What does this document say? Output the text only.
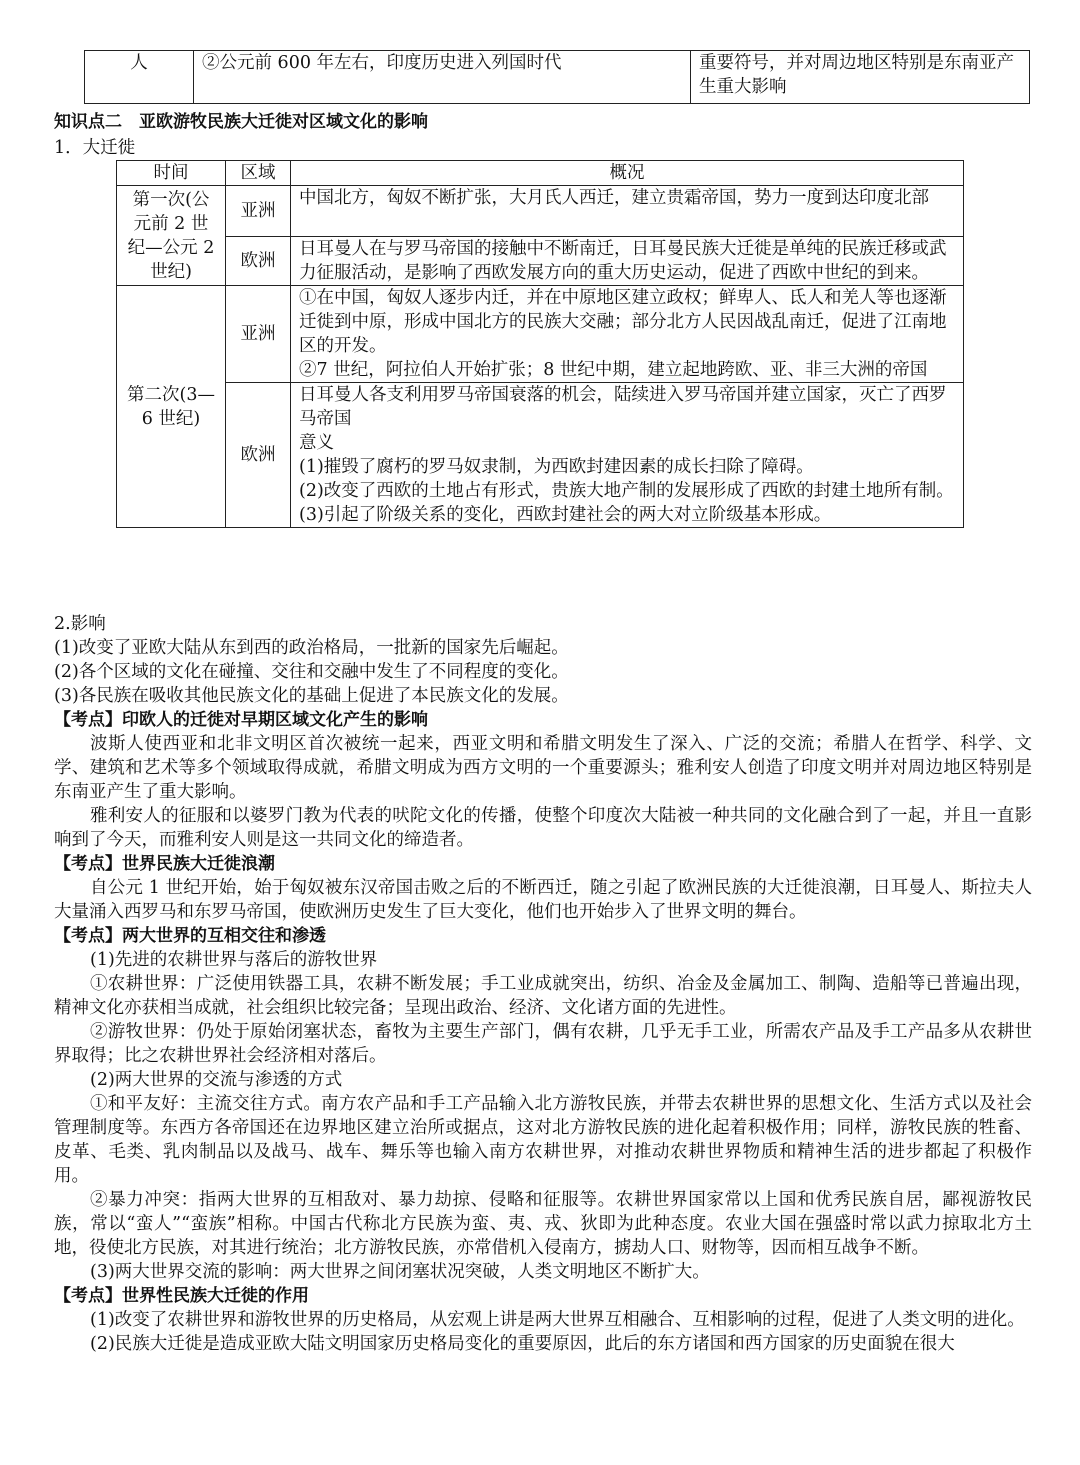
人	②公元前 600 年左右，印度历史进入列国时代	重要符号，并对周边地区特别是东南亚产生重大影响
知识点二　亚欧游牧民族大迁徙对区域文化的影响
1．大迁徙
时间	区域	概况
第一次(公元前 2 世纪—公元 2 世纪)	亚洲	中国北方，匈奴不断扩张，大月氏人西迁，建立贵霜帝国，势力一度到达印度北部
	欧洲	日耳曼人在与罗马帝国的接触中不断南迁，日耳曼民族大迁徙是单纯的民族迁移或武力征服活动，是影响了西欧发展方向的重大历史运动，促进了西欧中世纪的到来。
第二次(3—6 世纪)	亚洲	①在中国，匈奴人逐步内迁，并在中原地区建立政权；鲜卑人、氐人和羌人等也逐渐迁徙到中原，形成中国北方的民族大交融；部分北方人民因战乱南迁，促进了江南地区的开发。
②7 世纪，阿拉伯人开始扩张；8 世纪中期，建立起地跨欧、亚、非三大洲的帝国

	欧洲	日耳曼人各支利用罗马帝国衰落的机会，陆续进入罗马帝国并建立国家，灭亡了西罗马帝国
意义
(1)摧毁了腐朽的罗马奴隶制，为西欧封建因素的成长扫除了障碍。
(2)改变了西欧的土地占有形式，贵族大地产制的发展形成了西欧的封建土地所有制。
(3)引起了阶级关系的变化，西欧封建社会的两大对立阶级基本形成。

2.影响

(1)改变了亚欧大陆从东到西的政治格局，一批新的国家先后崛起。

(2)各个区域的文化在碰撞、交往和交融中发生了不同程度的变化。

(3)各民族在吸收其他民族文化的基础上促进了本民族文化的发展。

【考点】印欧人的迁徙对早期区域文化产生的影响

波斯人使西亚和北非文明区首次被统一起来，西亚文明和希腊文明发生了深入、广泛的交流；希腊人在哲学、科学、文学、建筑和艺术等多个领域取得成就，希腊文明成为西方文明的一个重要源头；雅利安人创造了印度文明并对周边地区特别是东南亚产生了重大影响。

雅利安人的征服和以婆罗门教为代表的吠陀文化的传播，使整个印度次大陆被一种共同的文化融合到了一起，并且一直影响到了今天，而雅利安人则是这一共同文化的缔造者。

【考点】世界民族大迁徙浪潮

自公元 1 世纪开始，始于匈奴被东汉帝国击败之后的不断西迁，随之引起了欧洲民族的大迁徙浪潮，日耳曼人、斯拉夫人大量涌入西罗马和东罗马帝国，使欧洲历史发生了巨大变化，他们也开始步入了世界文明的舞台。

【考点】两大世界的互相交往和渗透

(1)先进的农耕世界与落后的游牧世界

①农耕世界：广泛使用铁器工具，农耕不断发展；手工业成就突出，纺织、冶金及金属加工、制陶、造船等已普遍出现，精神文化亦获相当成就，社会组织比较完备；呈现出政治、经济、文化诸方面的先进性。

②游牧世界：仍处于原始闭塞状态，畜牧为主要生产部门，偶有农耕，几乎无手工业，所需农产品及手工产品多从农耕世界取得；比之农耕世界社会经济相对落后。

(2)两大世界的交流与渗透的方式

①和平友好：主流交往方式。南方农产品和手工产品输入北方游牧民族，并带去农耕世界的思想文化、生活方式以及社会管理制度等。东西方各帝国还在边界地区建立治所或据点，这对北方游牧民族的进化起着积极作用；同样，游牧民族的牲畜、皮革、毛类、乳肉制品以及战马、战车、舞乐等也输入南方农耕世界，对推动农耕世界物质和精神生活的进步都起了积极作用。

②暴力冲突：指两大世界的互相敌对、暴力劫掠、侵略和征服等。农耕世界国家常以上国和优秀民族自居，鄙视游牧民族，常以“蛮人”“蛮族”相称。中国古代称北方民族为蛮、夷、戎、狄即为此种态度。农业大国在强盛时常以武力掠取北方土地，役使北方民族，对其进行统治；北方游牧民族，亦常借机入侵南方，掳劫人口、财物等，因而相互战争不断。

(3)两大世界交流的影响：两大世界之间闭塞状况突破，人类文明地区不断扩大。

【考点】世界性民族大迁徙的作用

(1)改变了农耕世界和游牧世界的历史格局，从宏观上讲是两大世界互相融合、互相影响的过程，促进了人类文明的进化。

(2)民族大迁徙是造成亚欧大陆文明国家历史格局变化的重要原因，此后的东方诸国和西方国家的历史面貌在很大
